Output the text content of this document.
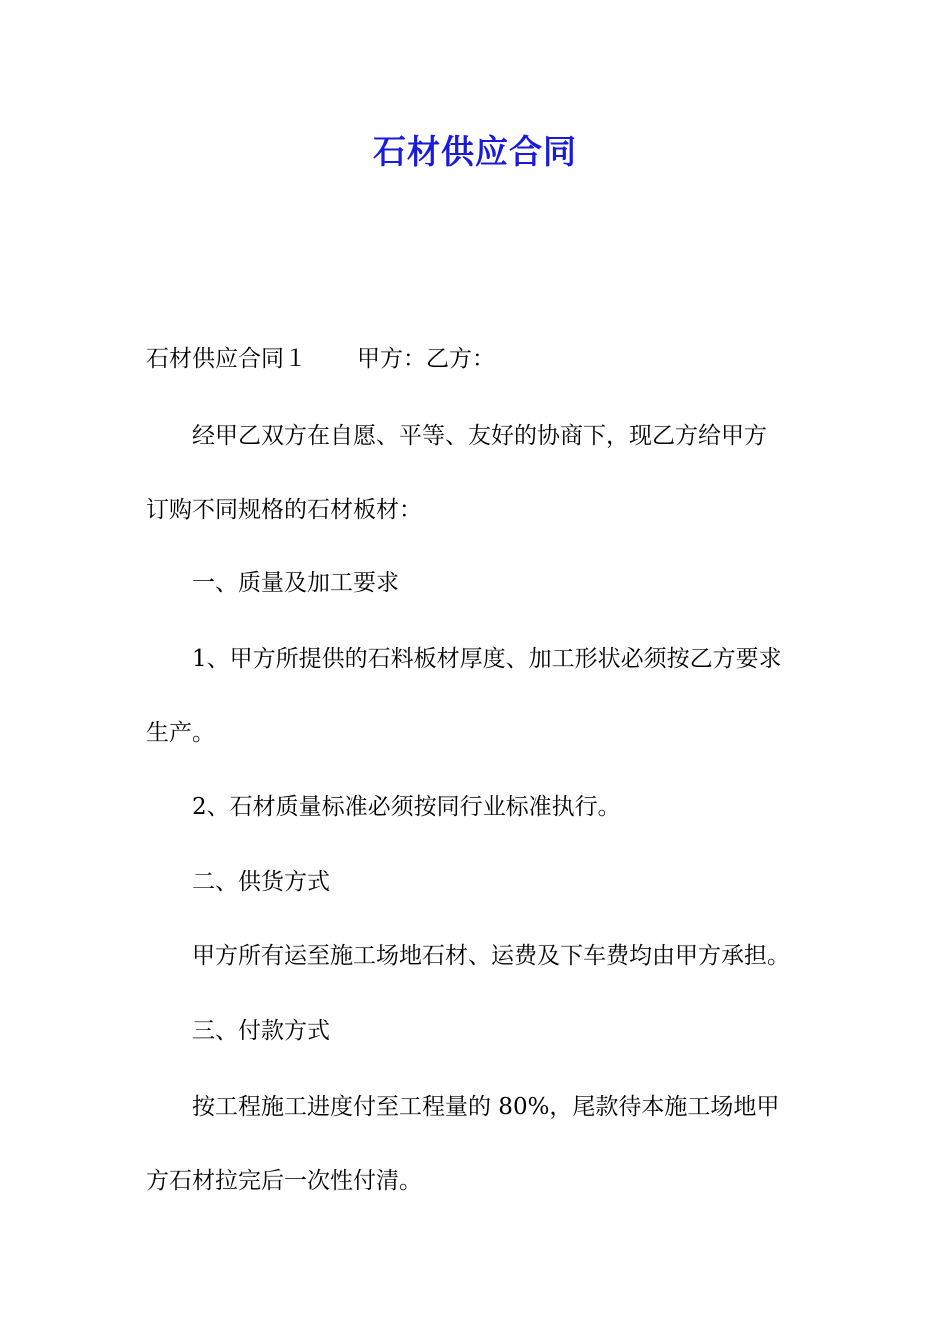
石材供应合同
石材供应合同１ 甲方：乙方：
经甲乙双方在自愿、平等、友好的协商下，现乙方给甲方
订购不同规格的石材板材：
一、质量及加工要求
1、甲方所提供的石料板材厚度、加工形状必须按乙方要求
生产。
2、石材质量标准必须按同行业标准执行。
二、供货方式
甲方所有运至施工场地石材、运费及下车费均由甲方承担。
三、付款方式
按工程施工进度付至工程量的 80%，尾款待本施工场地甲
方石材拉完后一次性付清。
